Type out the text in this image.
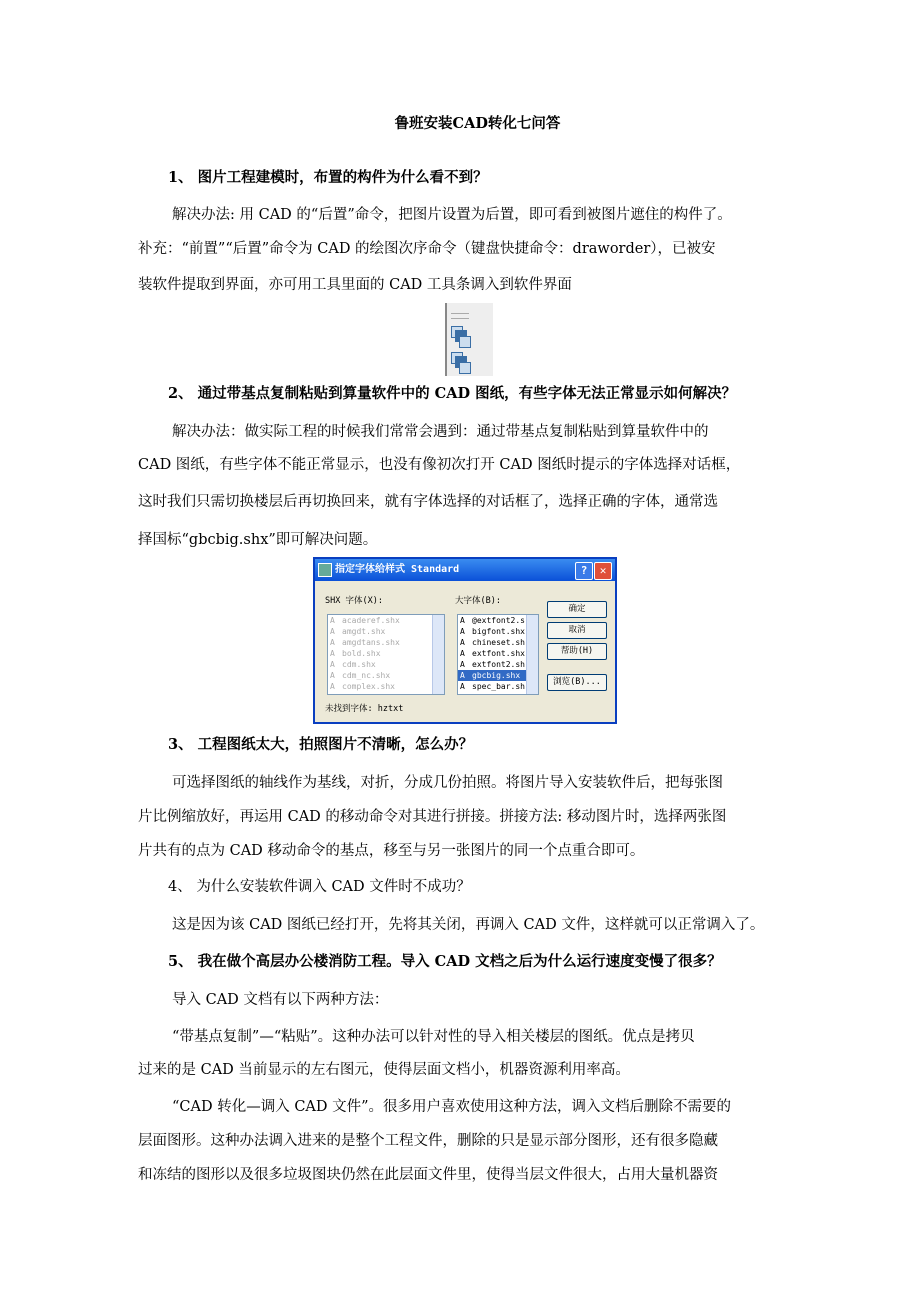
鲁班安装CAD转化七问答
1、 图片工程建模时，布置的构件为什么看不到？
解决办法: 用 CAD 的“后置”命令，把图片设置为后置，即可看到被图片遮住的构件了。
补充：“前置”“后置”命令为 CAD 的绘图次序命令（键盘快捷命令：draworder），已被安
装软件提取到界面，亦可用工具里面的 CAD 工具条调入到软件界面
2、 通过带基点复制粘贴到算量软件中的 CAD 图纸，有些字体无法正常显示如何解决？
解决办法：做实际工程的时候我们常常会遇到：通过带基点复制粘贴到算量软件中的
CAD 图纸，有些字体不能正常显示，也没有像初次打开 CAD 图纸时提示的字体选择对话框，
这时我们只需切换楼层后再切换回来，就有字体选择的对话框了，选择正确的字体，通常选
择国标“gbcbig.shx”即可解决问题。
指定字体给样式 Standard	?	✕
SHX 字体(X):
A acaderef.shx
A amgdt.shx
A amgdtans.shx
A bold.shx
A cdm.shx
A cdm_nc.shx
A complex.shx
大字体(B):
A @extfont2.s
A bigfont.shx
A chineset.sh
A extfont.shx
A extfont2.sh
A gbcbig.shx
A spec_bar.sh
确定
取消
帮助(H)
浏览(B)...
未找到字体: hztxt
3、 工程图纸太大，拍照图片不清晰，怎么办？
可选择图纸的轴线作为基线，对折，分成几份拍照。将图片导入安装软件后，把每张图
片比例缩放好，再运用 CAD 的移动命令对其进行拼接。拼接方法: 移动图片时，选择两张图
片共有的点为 CAD 移动命令的基点，移至与另一张图片的同一个点重合即可。
4、 为什么安装软件调入 CAD 文件时不成功？
这是因为该 CAD 图纸已经打开，先将其关闭，再调入 CAD 文件，这样就可以正常调入了。
5、 我在做个高层办公楼消防工程。导入 CAD 文档之后为什么运行速度变慢了很多？
导入 CAD 文档有以下两种方法：
“带基点复制”—“粘贴”。这种办法可以针对性的导入相关楼层的图纸。优点是拷贝
过来的是 CAD 当前显示的左右图元，使得层面文档小，机器资源利用率高。
“CAD 转化—调入 CAD 文件”。很多用户喜欢使用这种方法，调入文档后删除不需要的
层面图形。这种办法调入进来的是整个工程文件，删除的只是显示部分图形，还有很多隐藏
和冻结的图形以及很多垃圾图块仍然在此层面文件里，使得当层文件很大，占用大量机器资
